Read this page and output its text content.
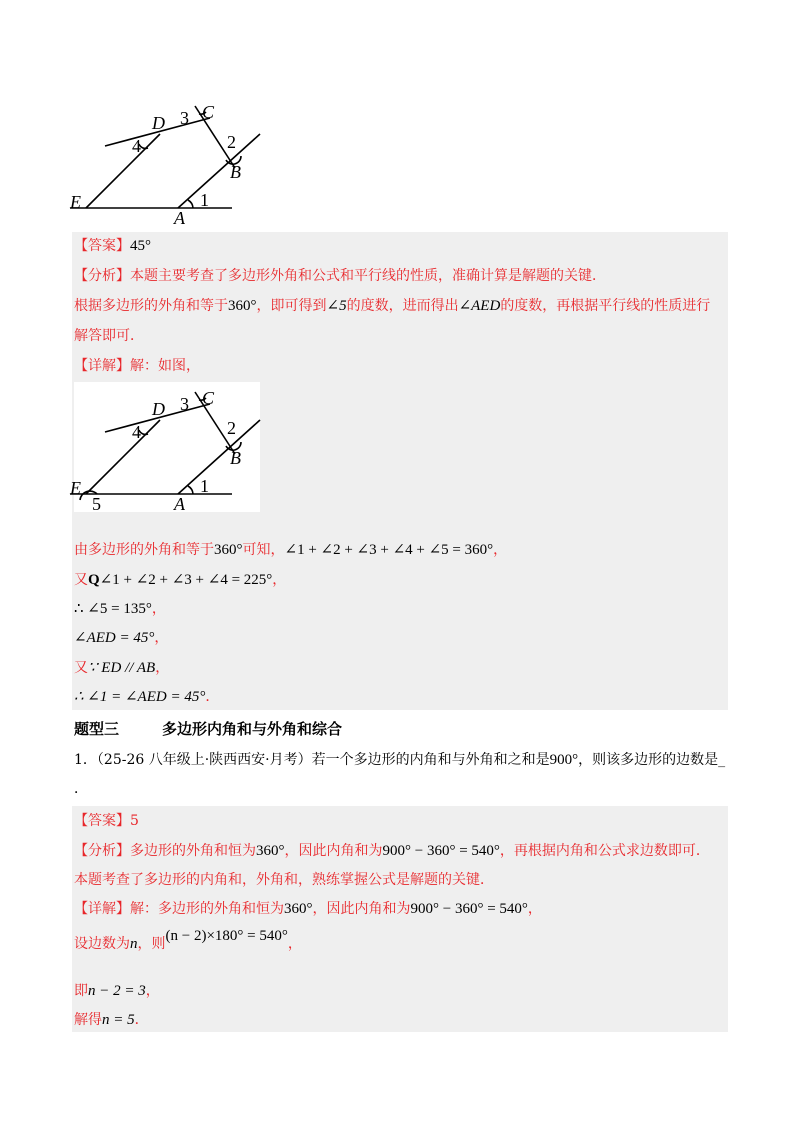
C
D 3
2
4
B
1
E
A
【答案】45°
【分析】本题主要考查了多边形外角和公式和平行线的性质，准确计算是解题的关键．
根据多边形的外角和等于360°，即可得到∠5的度数，进而得出∠AED的度数，再根据平行线的性质进行
解答即可．
【详解】解：如图，
C
D 3
2
4
B
1
E
5	A
由多边形的外角和等于360°可知，∠1 + ∠2 + ∠3 + ∠4 + ∠5 = 360°，
又Q∠1 + ∠2 + ∠3 + ∠4 = 225°，
∴ ∠5 = 135°，
∠AED = 45°，
又∵ ED // AB，
∴ ∠1 = ∠AED = 45°．
题型三	多边形内角和与外角和综合
1．（25-26 八年级上·陕西西安·月考）若一个多边形的内角和与外角和之和是900°，则该多边形的边数是_
．
【答案】5
【分析】多边形的外角和恒为360°，因此内角和为900° − 360° = 540°，再根据内角和公式求边数即可．
本题考查了多边形的内角和，外角和，熟练掌握公式是解题的关键．
【详解】解：多边形的外角和恒为360°，因此内角和为900° − 360° = 540°，
设边数为n，则(n − 2)×180° = 540°，
即n − 2 = 3，
解得n = 5．
